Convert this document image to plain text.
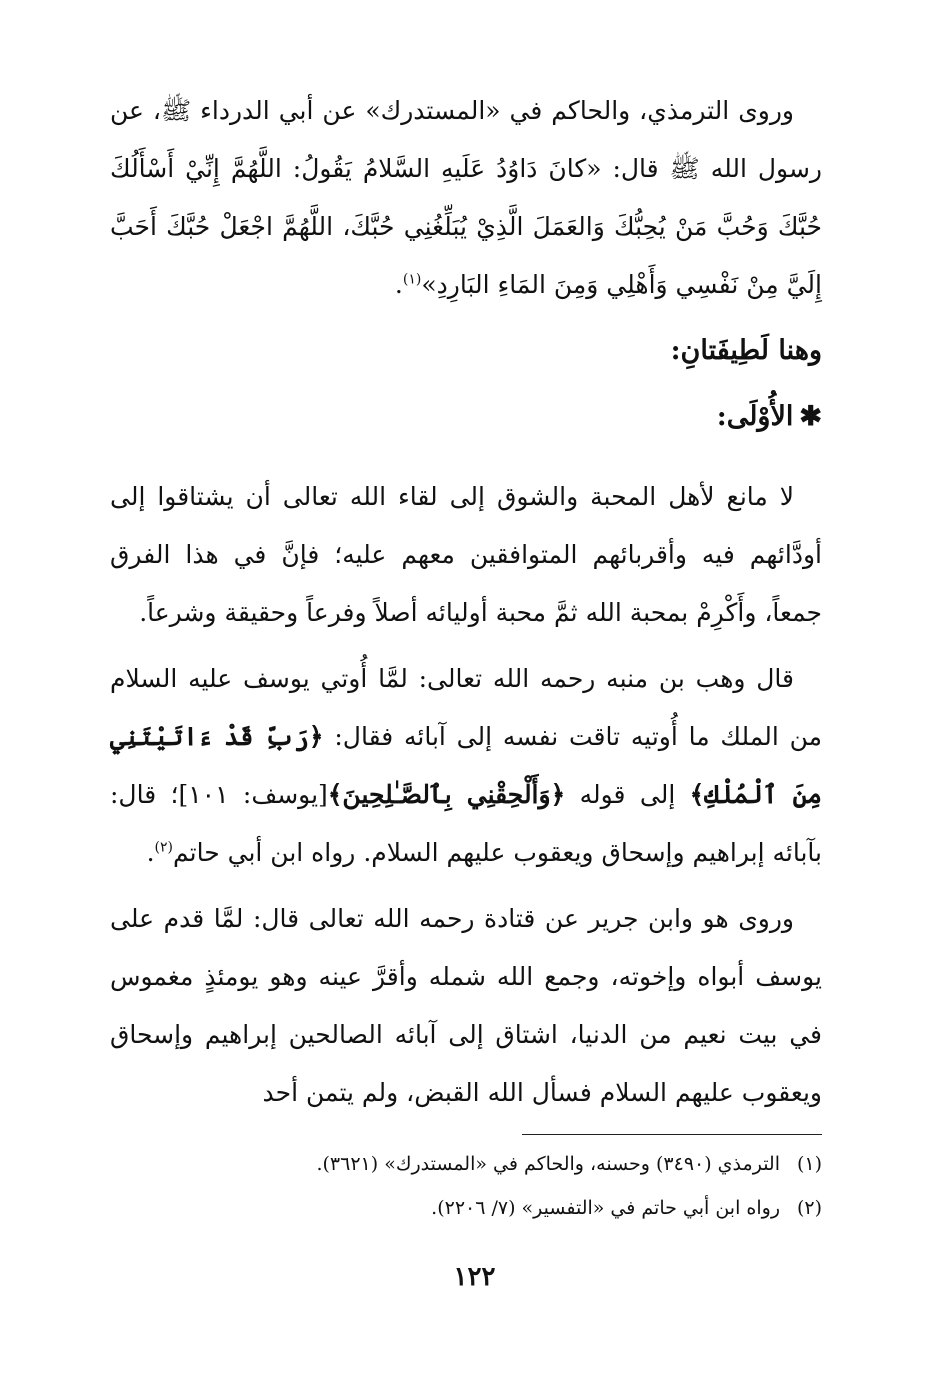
وروى الترمذي، والحاكم في «المستدرك» عن أبي الدرداء ﷺ، عن رسول الله ﷺ قال: «كانَ دَاوُدُ عَلَيهِ السَّلامُ يَقُولُ: اللَّهُمَّ إِنِّيْ أَسْأَلُكَ حُبَّكَ وَحُبَّ مَنْ يُحِبُّكَ وَالعَمَلَ الَّذِيْ يُبَلِّغُنِي حُبَّكَ، اللَّهُمَّ اجْعَلْ حُبَّكَ أَحَبَّ إِلَيَّ مِنْ نَفْسِي وَأَهْلِي وَمِنَ المَاءِ البَارِدِ»$^{(١)}$.

وهنا لَطِيفَتانِ:
✱الأُوْلَى:

لا مانع لأهل المحبة والشوق إلى لقاء الله تعالى أن يشتاقوا إلى أودَّائهم فيه وأقربائهم المتوافقين معهم عليه؛ فإنَّ في هذا الفرق جمعاً، وأَكْرِمْ بمحبة الله ثمَّ محبة أوليائه أصلاً وفرعاً وحقيقة وشرعاً.

قال وهب بن منبه رحمه الله تعالى: لمَّا أُوتي يوسف عليه السلام من الملك ما أُوتيه تاقت نفسه إلى آبائه فقال: ﴿رَبِّ قَدْ ءَاتَيْتَنِي مِنَ ٱلْمُلْكِ﴾ إلى قوله ﴿وَأَلْحِقْنِي بِٱلصَّـٰلِحِينَ﴾[يوسف: ١٠١]؛ قال: بآبائه إبراهيم وإسحاق ويعقوب عليهم السلام. رواه ابن أبي حاتم$^{(٢)}$.

وروى هو وابن جرير عن قتادة رحمه الله تعالى قال: لمَّا قدم على يوسف أبواه وإخوته، وجمع الله شمله وأقرَّ عينه وهو يومئذٍ مغموس في بيت نعيم من الدنيا، اشتاق إلى آبائه الصالحين إبراهيم وإسحاق ويعقوب عليهم السلام فسأل الله القبض، ولم يتمن أحد

(١)الترمذي (٣٤٩٠) وحسنه، والحاكم في «المستدرك» (٣٦٢١).
(٢)رواه ابن أبي حاتم في «التفسير» (٧/ ٢٢٠٦).
١٢٢
